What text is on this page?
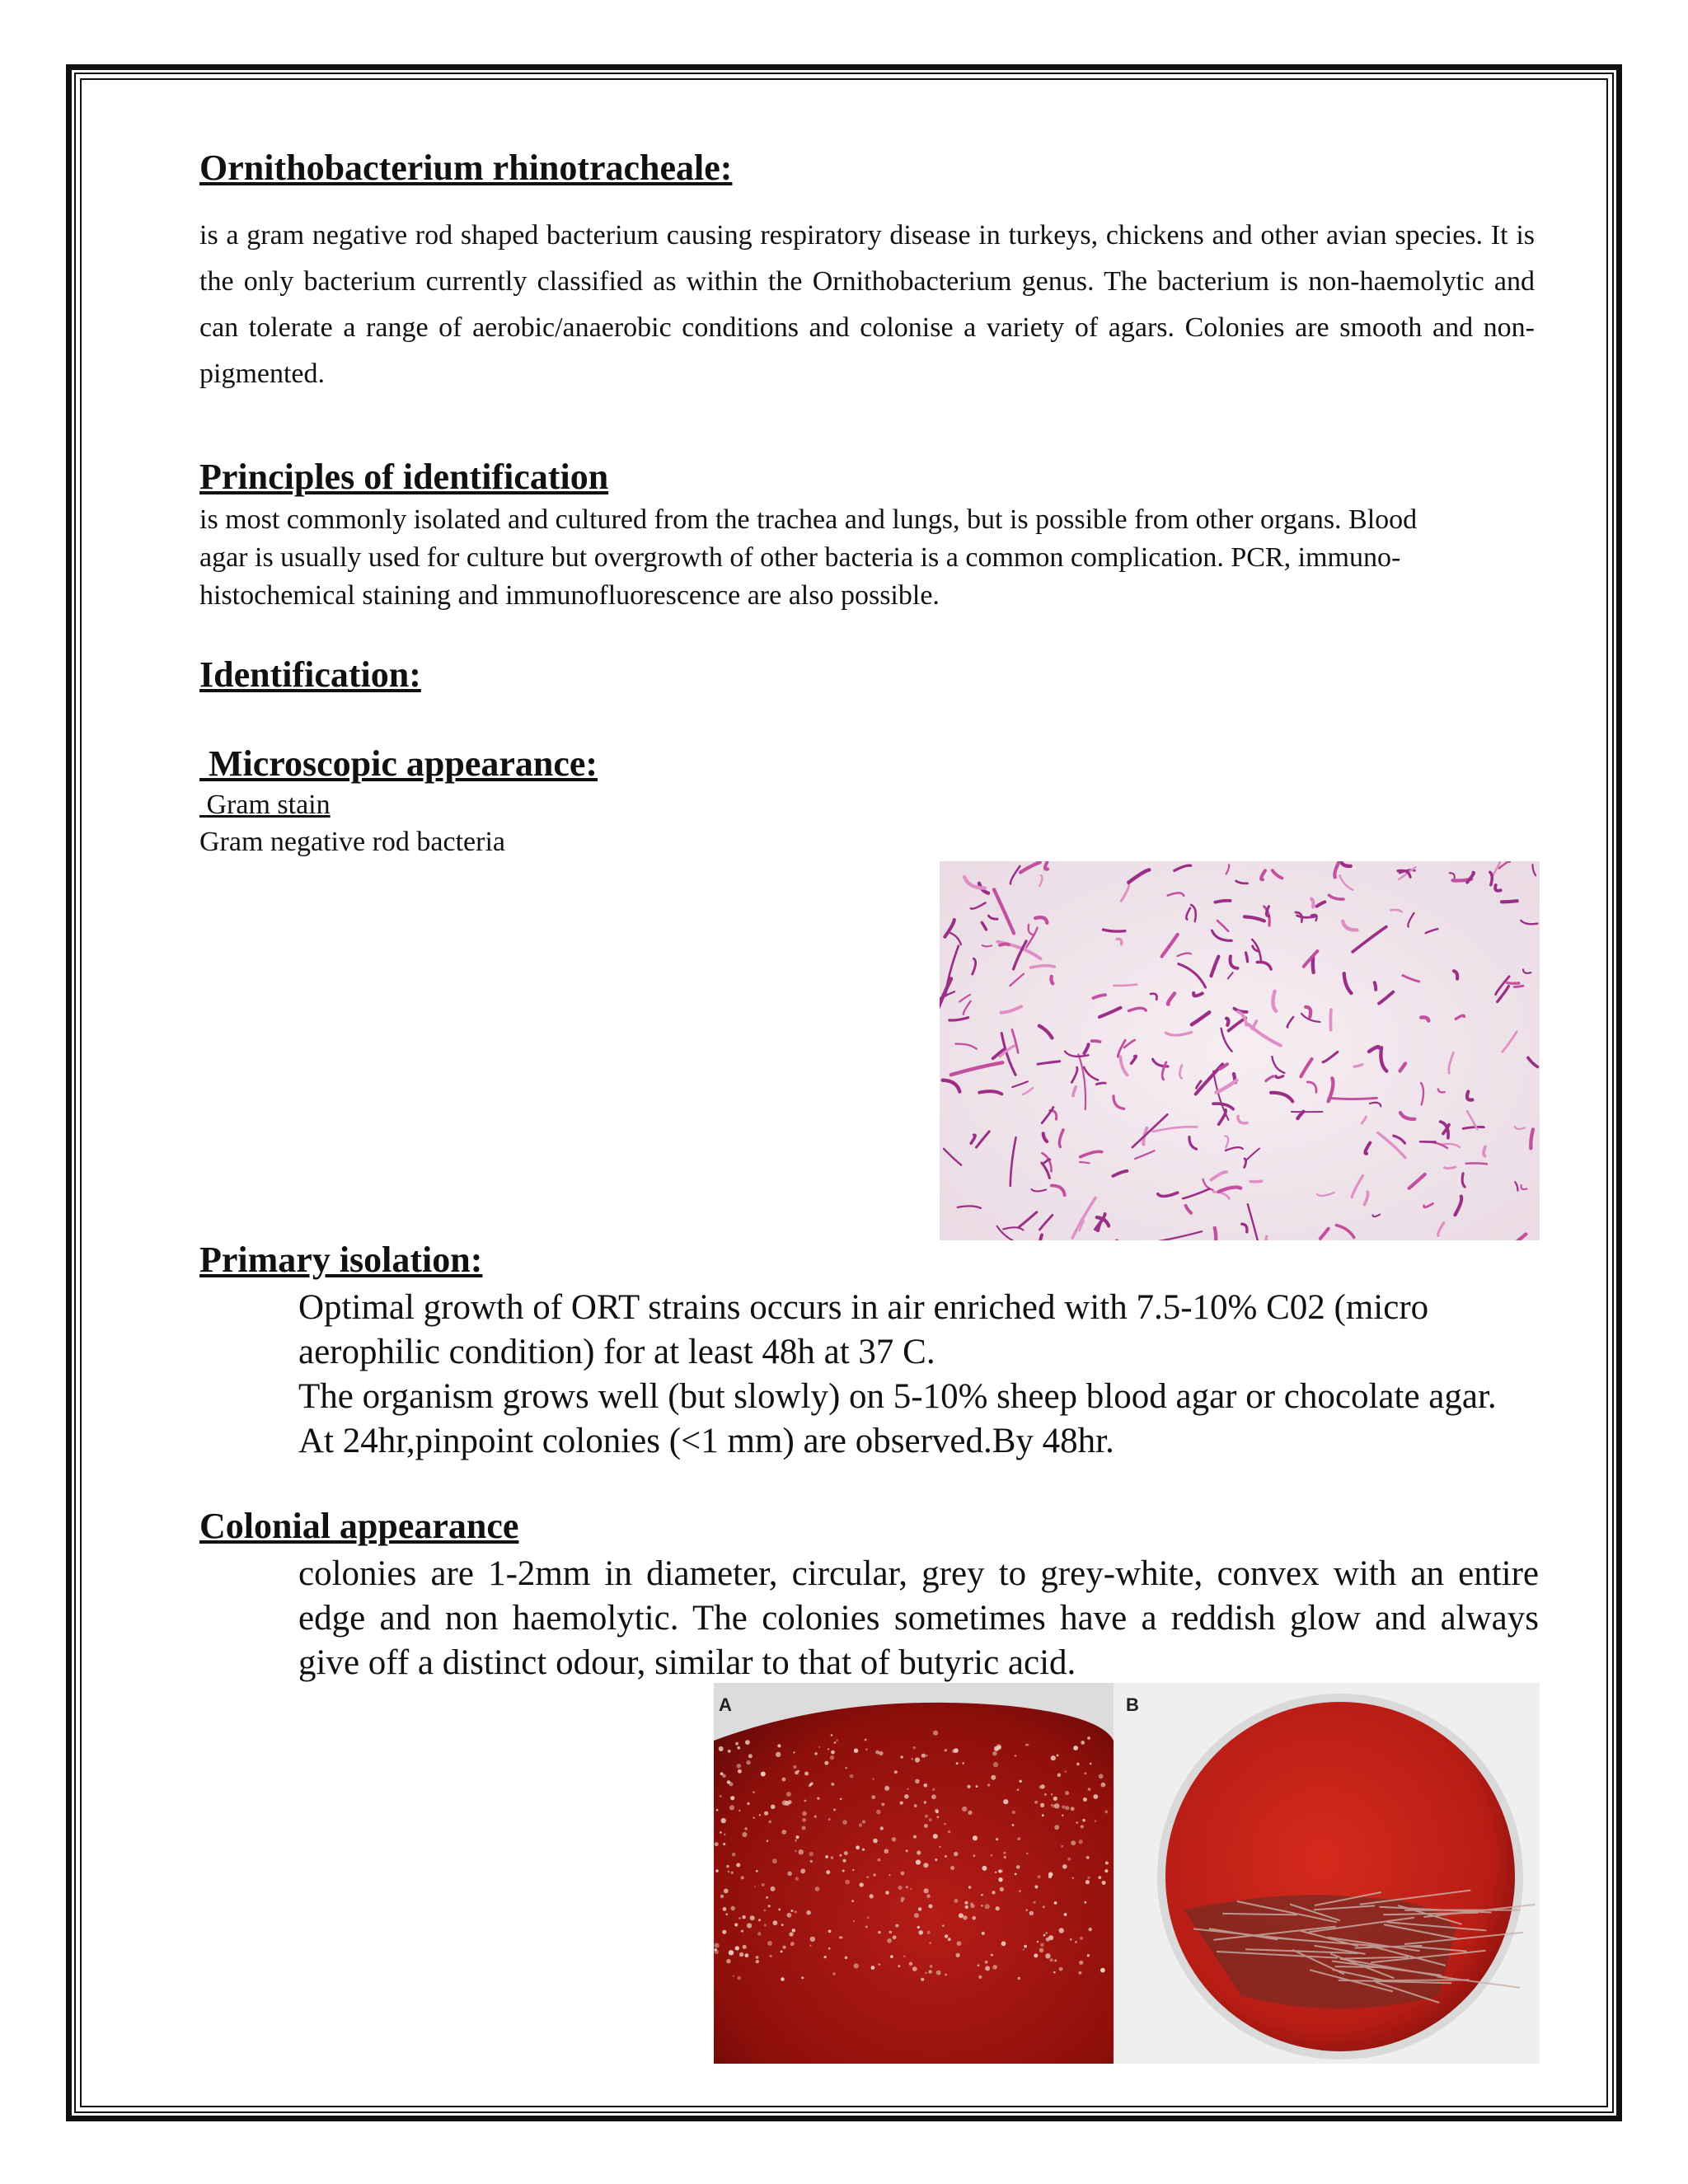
Ornithobacterium rhinotracheale:

is a gram negative rod shaped bacterium causing respiratory disease in turkeys, chickens and other avian species. It is the only bacterium currently classified as within the Ornithobacterium genus. The bacterium is non-haemolytic and can tolerate a range of aerobic/anaerobic conditions and colonise a variety of agars. Colonies are smooth and non-pigmented.

Principles of identification

is most commonly isolated and cultured from the trachea and lungs, but is possible from other organs. Blood agar is usually used for culture but overgrowth of other bacteria is a common complication. PCR, immuno-histochemical staining and immunofluorescence are also possible.

Identification:
Microscopic appearance:
Gram stain
Gram negative rod bacteria
Primary isolation:

Optimal growth of ORT strains occurs in air enriched with 7.5-10% C02 (micro aerophilic condition) for at least 48h at 37 C.

The organism grows well (but slowly) on 5-10% sheep blood agar or chocolate agar. At 24hr,pinpoint colonies (<1 mm) are observed.By 48hr.

Colonial appearance

colonies are 1-2mm in diameter, circular, grey to grey-white, convex with an entire edge and non haemolytic. The colonies sometimes have a reddish glow and always give off a distinct odour, similar to that of butyric acid.

A	B
